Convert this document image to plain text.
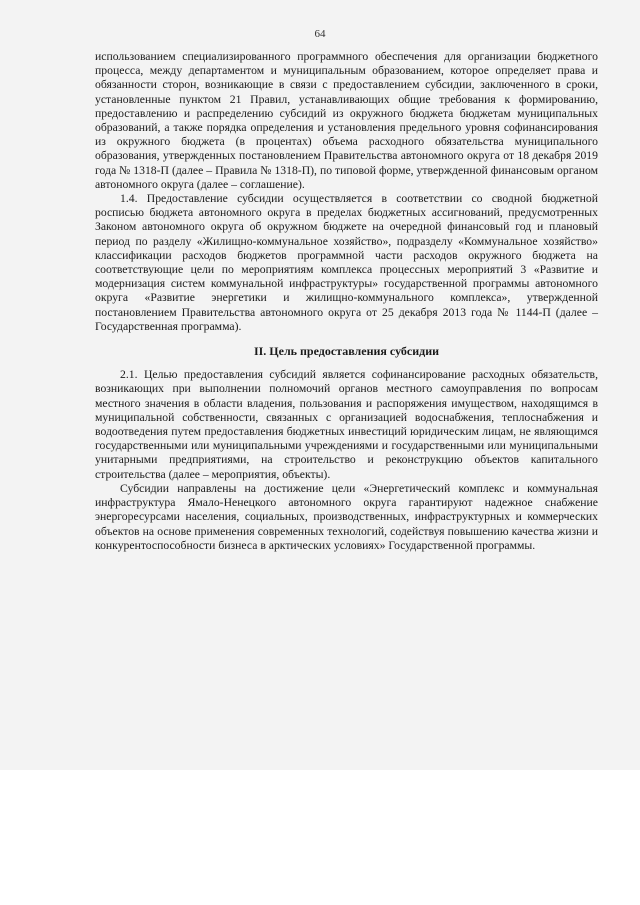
64

использованием специализированного программного обеспечения для организации бюджетного процесса, между департаментом и муниципальным образованием, которое определяет права и обязанности сторон, возникающие в связи с предоставлением субсидии, заключенного в сроки, установленные пунктом 21 Правил, устанавливающих общие требования к формированию, предоставлению и распределению субсидий из окружного бюджета бюджетам муниципальных образований, а также порядка определения и установления предельного уровня софинансирования из окружного бюджета (в процентах) объема расходного обязательства муниципального образования, утвержденных постановлением Правительства автономного округа от 18 декабря 2019 года № 1318-П (далее – Правила № 1318-П), по типовой форме, утвержденной финансовым органом автономного округа (далее – соглашение).

1.4. Предоставление субсидии осуществляется в соответствии со сводной бюджетной росписью бюджета автономного округа в пределах бюджетных ассигнований, предусмотренных Законом автономного округа об окружном бюджете на очередной финансовый год и плановый период по разделу «Жилищно-коммунальное хозяйство», подразделу «Коммунальное хозяйство» классификации расходов бюджетов программной части расходов окружного бюджета на соответствующие цели по мероприятиям комплекса процессных мероприятий 3 «Развитие и модернизация систем коммунальной инфраструктуры» государственной программы автономного округа «Развитие энергетики и жилищно-коммунального комплекса», утвержденной постановлением Правительства автономного округа от 25 декабря 2013 года № 1144-П (далее – Государственная программа).

II. Цель предоставления субсидии

2.1. Целью предоставления субсидий является софинансирование расходных обязательств, возникающих при выполнении полномочий органов местного самоуправления по вопросам местного значения в области владения, пользования и распоряжения имуществом, находящимся в муниципальной собственности, связанных с организацией водоснабжения, теплоснабжения и водоотведения путем предоставления бюджетных инвестиций юридическим лицам, не являющимся государственными или муниципальными учреждениями и государственными или муниципальными унитарными предприятиями, на строительство и реконструкцию объектов капитального строительства (далее – мероприятия, объекты).

Субсидии направлены на достижение цели «Энергетический комплекс и коммунальная инфраструктура Ямало-Ненецкого автономного округа гарантируют надежное снабжение энергоресурсами населения, социальных, производственных, инфраструктурных и коммерческих объектов на основе применения современных технологий, содействуя повышению качества жизни и конкурентоспособности бизнеса в арктических условиях» Государственной программы.
